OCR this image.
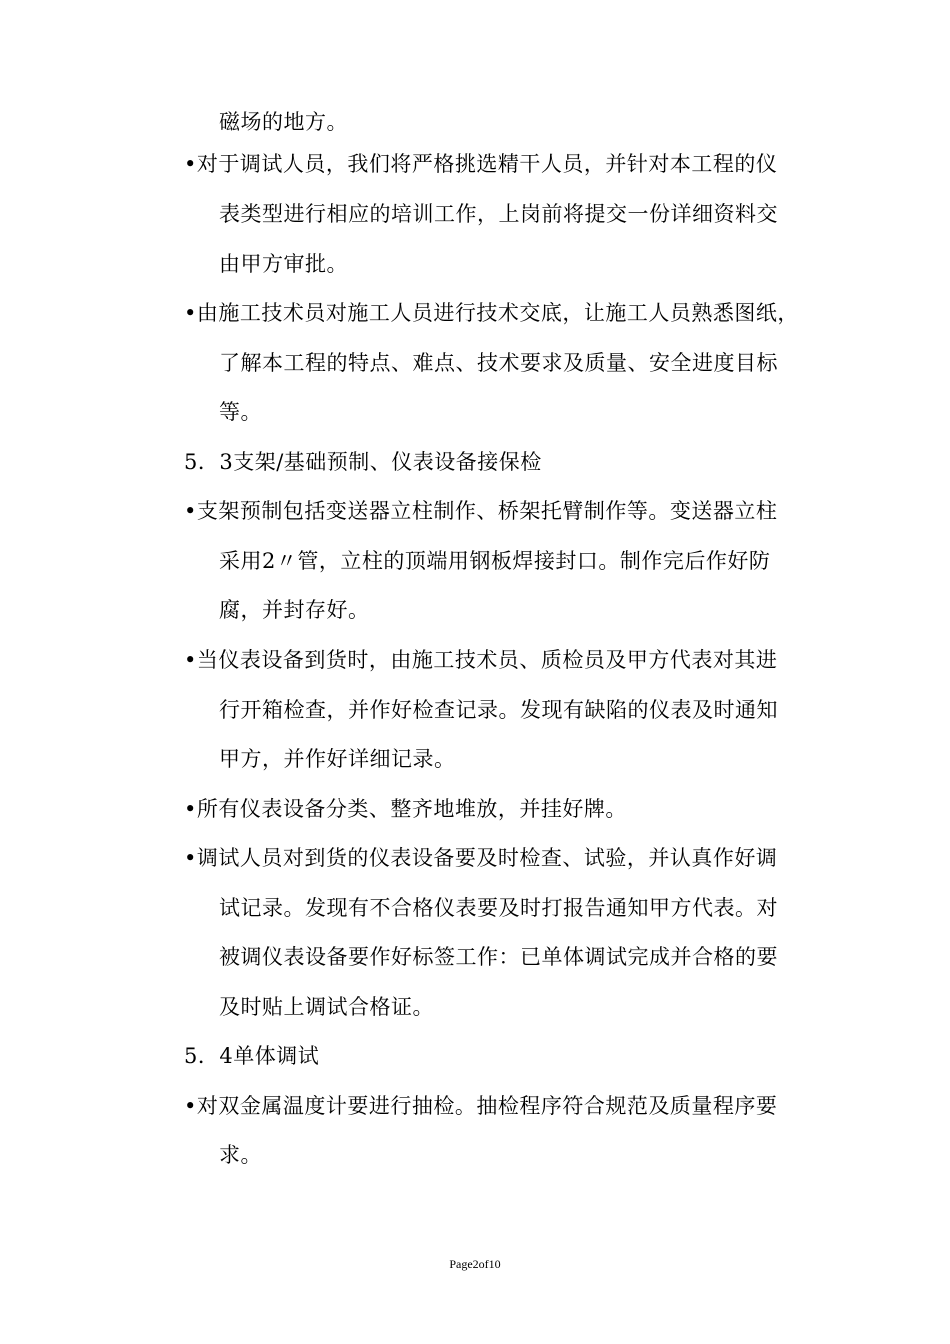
磁场的地方。
•对于调试人员，我们将严格挑选精干人员，并针对本工程的仪
表类型进行相应的培训工作，上岗前将提交一份详细资料交
由甲方审批。
•由施工技术员对施工人员进行技术交底，让施工人员熟悉图纸，
了解本工程的特点、难点、技术要求及质量、安全进度目标
等。
5．3支架/基础预制、仪表设备接保检
•支架预制包括变送器立柱制作、桥架托臂制作等。变送器立柱
采用2〃管，立柱的顶端用钢板焊接封口。制作完后作好防
腐，并封存好。
•当仪表设备到货时，由施工技术员、质检员及甲方代表对其进
行开箱检查，并作好检查记录。发现有缺陷的仪表及时通知
甲方，并作好详细记录。
•所有仪表设备分类、整齐地堆放，并挂好牌。
•调试人员对到货的仪表设备要及时检查、试验，并认真作好调
试记录。发现有不合格仪表要及时打报告通知甲方代表。对
被调仪表设备要作好标签工作：已单体调试完成并合格的要
及时贴上调试合格证。
5．4单体调试
•对双金属温度计要进行抽检。抽检程序符合规范及质量程序要
求。
Page2of10
